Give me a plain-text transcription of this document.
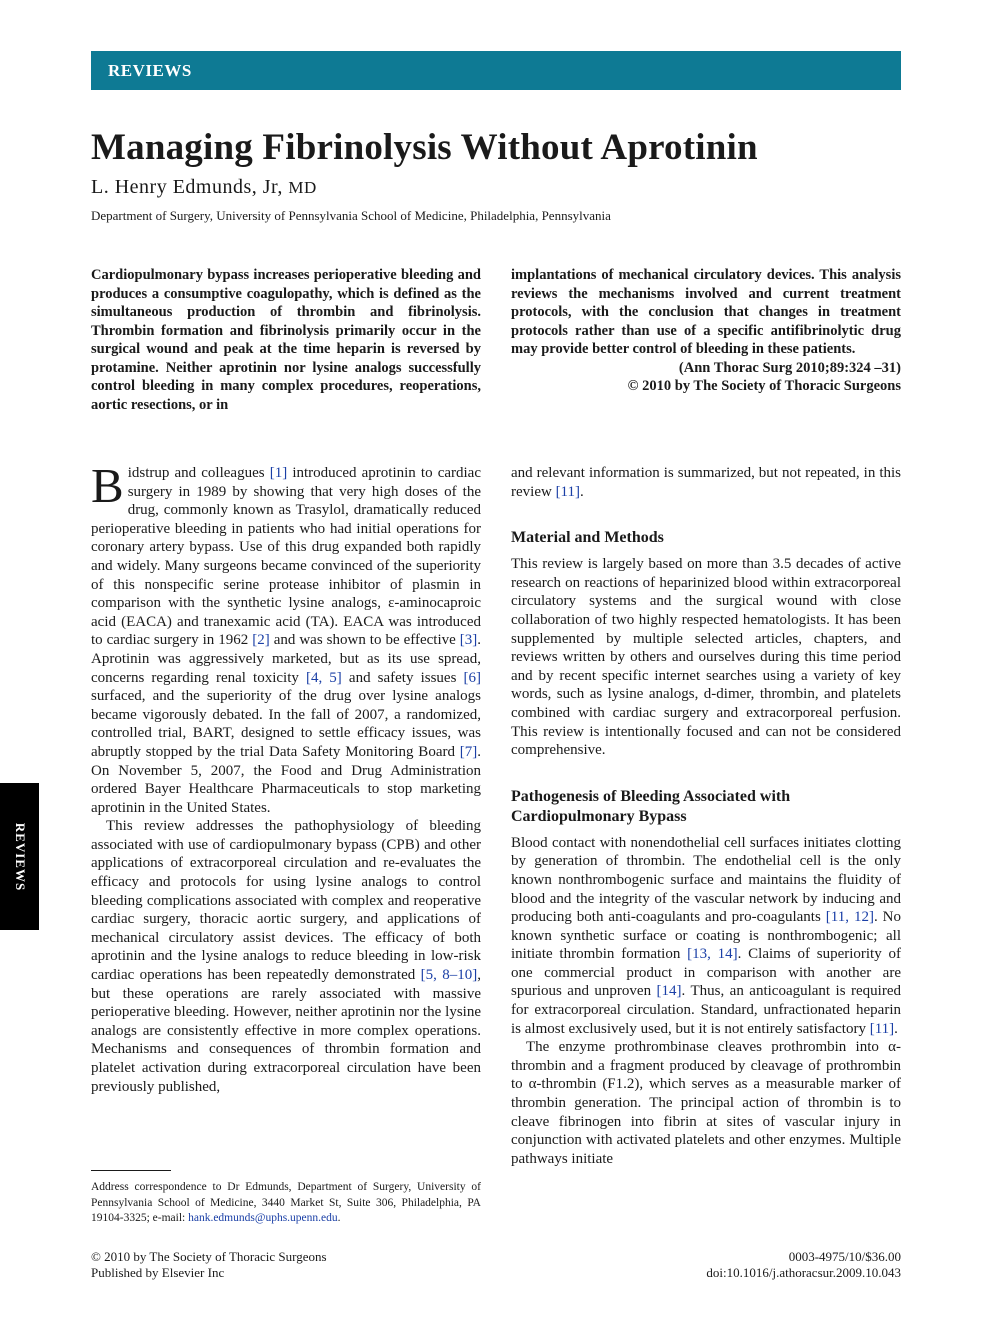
REVIEWS
Managing Fibrinolysis Without Aprotinin
L. Henry Edmunds, Jr, MD
Department of Surgery, University of Pennsylvania School of Medicine, Philadelphia, Pennsylvania
Cardiopulmonary bypass increases perioperative bleeding and produces a consumptive coagulopathy, which is defined as the simultaneous production of thrombin and fibrinolysis. Thrombin formation and fibrinolysis primarily occur in the surgical wound and peak at the time heparin is reversed by protamine. Neither aprotinin nor lysine analogs successfully control bleeding in many complex procedures, reoperations, aortic resections, or in
implantations of mechanical circulatory devices. This analysis reviews the mechanisms involved and current treatment protocols, with the conclusion that changes in treatment protocols rather than use of a specific antifibrinolytic drug may provide better control of bleeding in these patients.
(Ann Thorac Surg 2010;89:324 –31)
© 2010 by The Society of Thoracic Surgeons

Bidstrup and colleagues [1] introduced aprotinin to cardiac surgery in 1989 by showing that very high doses of the drug, commonly known as Trasylol, dramatically reduced perioperative bleeding in patients who had initial operations for coronary artery bypass. Use of this drug expanded both rapidly and widely. Many surgeons became convinced of the superiority of this nonspecific serine protease inhibitor of plasmin in comparison with the synthetic lysine analogs, ε-aminocaproic acid (EACA) and tranexamic acid (TA). EACA was introduced to cardiac surgery in 1962 [2] and was shown to be effective [3]. Aprotinin was aggressively marketed, but as its use spread, concerns regarding renal toxicity [4, 5] and safety issues [6] surfaced, and the superiority of the drug over lysine analogs became vigorously debated. In the fall of 2007, a randomized, controlled trial, BART, designed to settle efficacy issues, was abruptly stopped by the trial Data Safety Monitoring Board [7]. On November 5, 2007, the Food and Drug Administration ordered Bayer Healthcare Pharmaceuticals to stop marketing aprotinin in the United States.

This review addresses the pathophysiology of bleeding associated with use of cardiopulmonary bypass (CPB) and other applications of extracorporeal circulation and re-evaluates the efficacy and protocols for using lysine analogs to control bleeding complications associated with complex and reoperative cardiac surgery, thoracic aortic surgery, and applications of mechanical circulatory assist devices. The efficacy of both aprotinin and the lysine analogs to reduce bleeding in low-risk cardiac operations has been repeatedly demonstrated [5, 8–10], but these operations are rarely associated with massive perioperative bleeding. However, neither aprotinin nor the lysine analogs are consistently effective in more complex operations. Mechanisms and consequences of thrombin formation and platelet activation during extracorporeal circulation have been previously published,

and relevant information is summarized, but not repeated, in this review [11].

Material and Methods

This review is largely based on more than 3.5 decades of active research on reactions of heparinized blood within extracorporeal circulatory systems and the surgical wound with close collaboration of two highly respected hematologists. It has been supplemented by multiple selected articles, chapters, and reviews written by others and ourselves during this time period and by recent specific internet searches using a variety of key words, such as lysine analogs, d-dimer, thrombin, and platelets combined with cardiac surgery and extracorporeal perfusion. This review is intentionally focused and can not be considered comprehensive.

Pathogenesis of Bleeding Associated with Cardiopulmonary Bypass

Blood contact with nonendothelial cell surfaces initiates clotting by generation of thrombin. The endothelial cell is the only known nonthrombogenic surface and maintains the fluidity of blood and the integrity of the vascular network by inducing and producing both anti-coagulants and pro-coagulants [11, 12]. No known synthetic surface or coating is nonthrombogenic; all initiate thrombin formation [13, 14]. Claims of superiority of one commercial product in comparison with another are spurious and unproven [14]. Thus, an anticoagulant is required for extracorporeal circulation. Standard, unfractionated heparin is almost exclusively used, but it is not entirely satisfactory [11].

The enzyme prothrombinase cleaves prothrombin into α-thrombin and a fragment produced by cleavage of prothrombin to α-thrombin (F1.2), which serves as a measurable marker of thrombin generation. The principal action of thrombin is to cleave fibrinogen into fibrin at sites of vascular injury in conjunction with activated platelets and other enzymes. Multiple pathways initiate

Address correspondence to Dr Edmunds, Department of Surgery, University of Pennsylvania School of Medicine, 3440 Market St, Suite 306, Philadelphia, PA 19104-3325; e-mail: hank.edmunds@uphs.upenn.edu.
© 2010 by The Society of Thoracic Surgeons
Published by Elsevier Inc
0003-4975/10/$36.00
doi:10.1016/j.athoracsur.2009.10.043
REVIEWS
